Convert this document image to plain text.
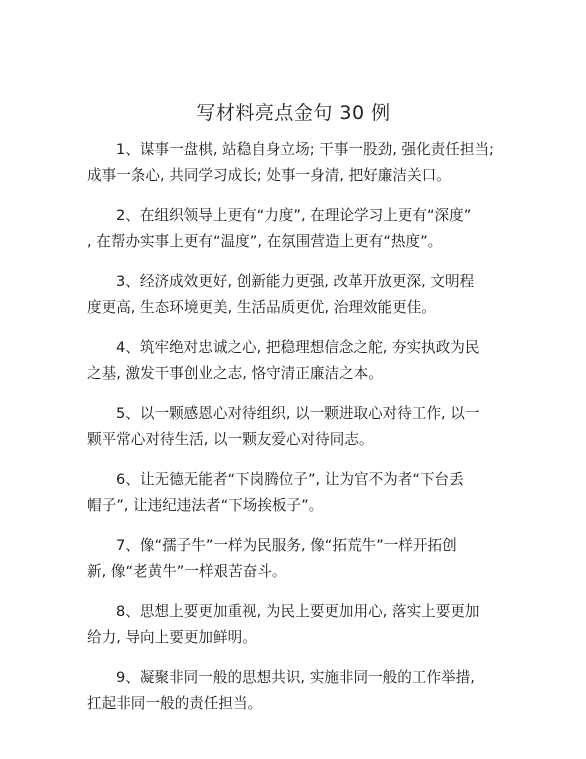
写材料亮点金句 30 例
1、谋事一盘棋, 站稳自身立场; 干事一股劲, 强化责任担当;
成事一条心, 共同学习成长; 处事一身清, 把好廉洁关口。
2、在组织领导上更有“力度”, 在理论学习上更有“深度”
, 在帮办实事上更有“温度”, 在氛围营造上更有“热度”。
3、经济成效更好, 创新能力更强, 改革开放更深, 文明程
度更高, 生态环境更美, 生活品质更优, 治理效能更佳。
4、筑牢绝对忠诚之心, 把稳理想信念之舵, 夯实执政为民
之基, 激发干事创业之志, 恪守清正廉洁之本。
5、以一颗感恩心对待组织, 以一颗进取心对待工作, 以一
颗平常心对待生活, 以一颗友爱心对待同志。
6、让无德无能者“下岗腾位子”, 让为官不为者“下台丢
帽子”, 让违纪违法者“下场挨板子”。
7、像“孺子牛”一样为民服务, 像“拓荒牛”一样开拓创
新, 像“老黄牛”一样艰苦奋斗。
8、思想上要更加重视, 为民上要更加用心, 落实上要更加
给力, 导向上要更加鲜明。
9、凝聚非同一般的思想共识, 实施非同一般的工作举措,
扛起非同一般的责任担当。
